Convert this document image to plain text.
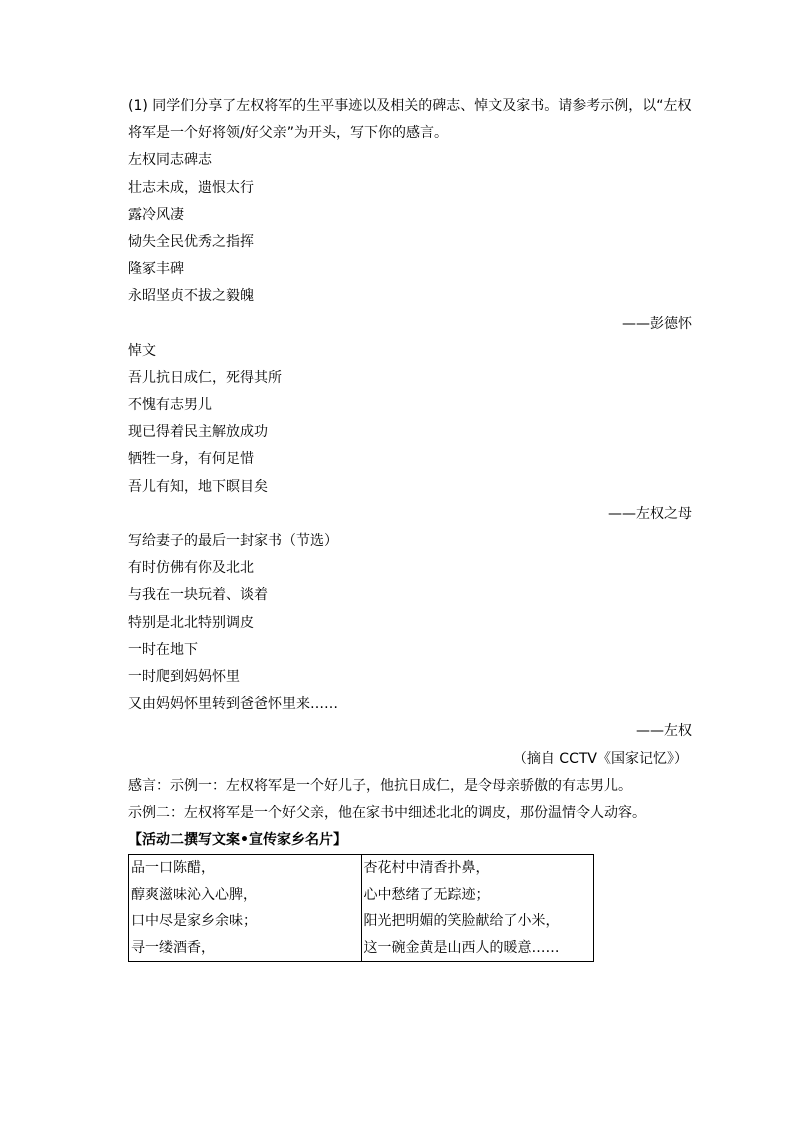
(1) 同学们分享了左权将军的生平事迹以及相关的碑志、悼文及家书。请参考示例，以“左权
将军是一个好将领/好父亲”为开头，写下你的感言。
左权同志碑志
壮志未成，遗恨太行
露冷风凄
恸失全民优秀之指挥
隆冢丰碑
永昭坚贞不拔之毅魄
——彭德怀
悼文
吾儿抗日成仁，死得其所
不愧有志男儿
现已得着民主解放成功
牺牲一身，有何足惜
吾儿有知，地下瞑目矣
——左权之母
写给妻子的最后一封家书（节选）
有时仿佛有你及北北
与我在一块玩着、谈着
特别是北北特别调皮
一时在地下
一时爬到妈妈怀里
又由妈妈怀里转到爸爸怀里来……
——左权
（摘自 CCTV《国家记忆》）
感言：示例一：左权将军是一个好儿子，他抗日成仁，是令母亲骄傲的有志男儿。
示例二：左权将军是一个好父亲，他在家书中细述北北的调皮，那份温情令人动容。
【活动二撰写文案•宣传家乡名片】
品一口陈醋，
醇爽滋味沁入心脾，
口中尽是家乡余味；
寻一缕酒香，

杏花村中清香扑鼻，
心中愁绪了无踪迹；
阳光把明媚的笑脸献给了小米，
这一碗金黄是山西人的暖意……
